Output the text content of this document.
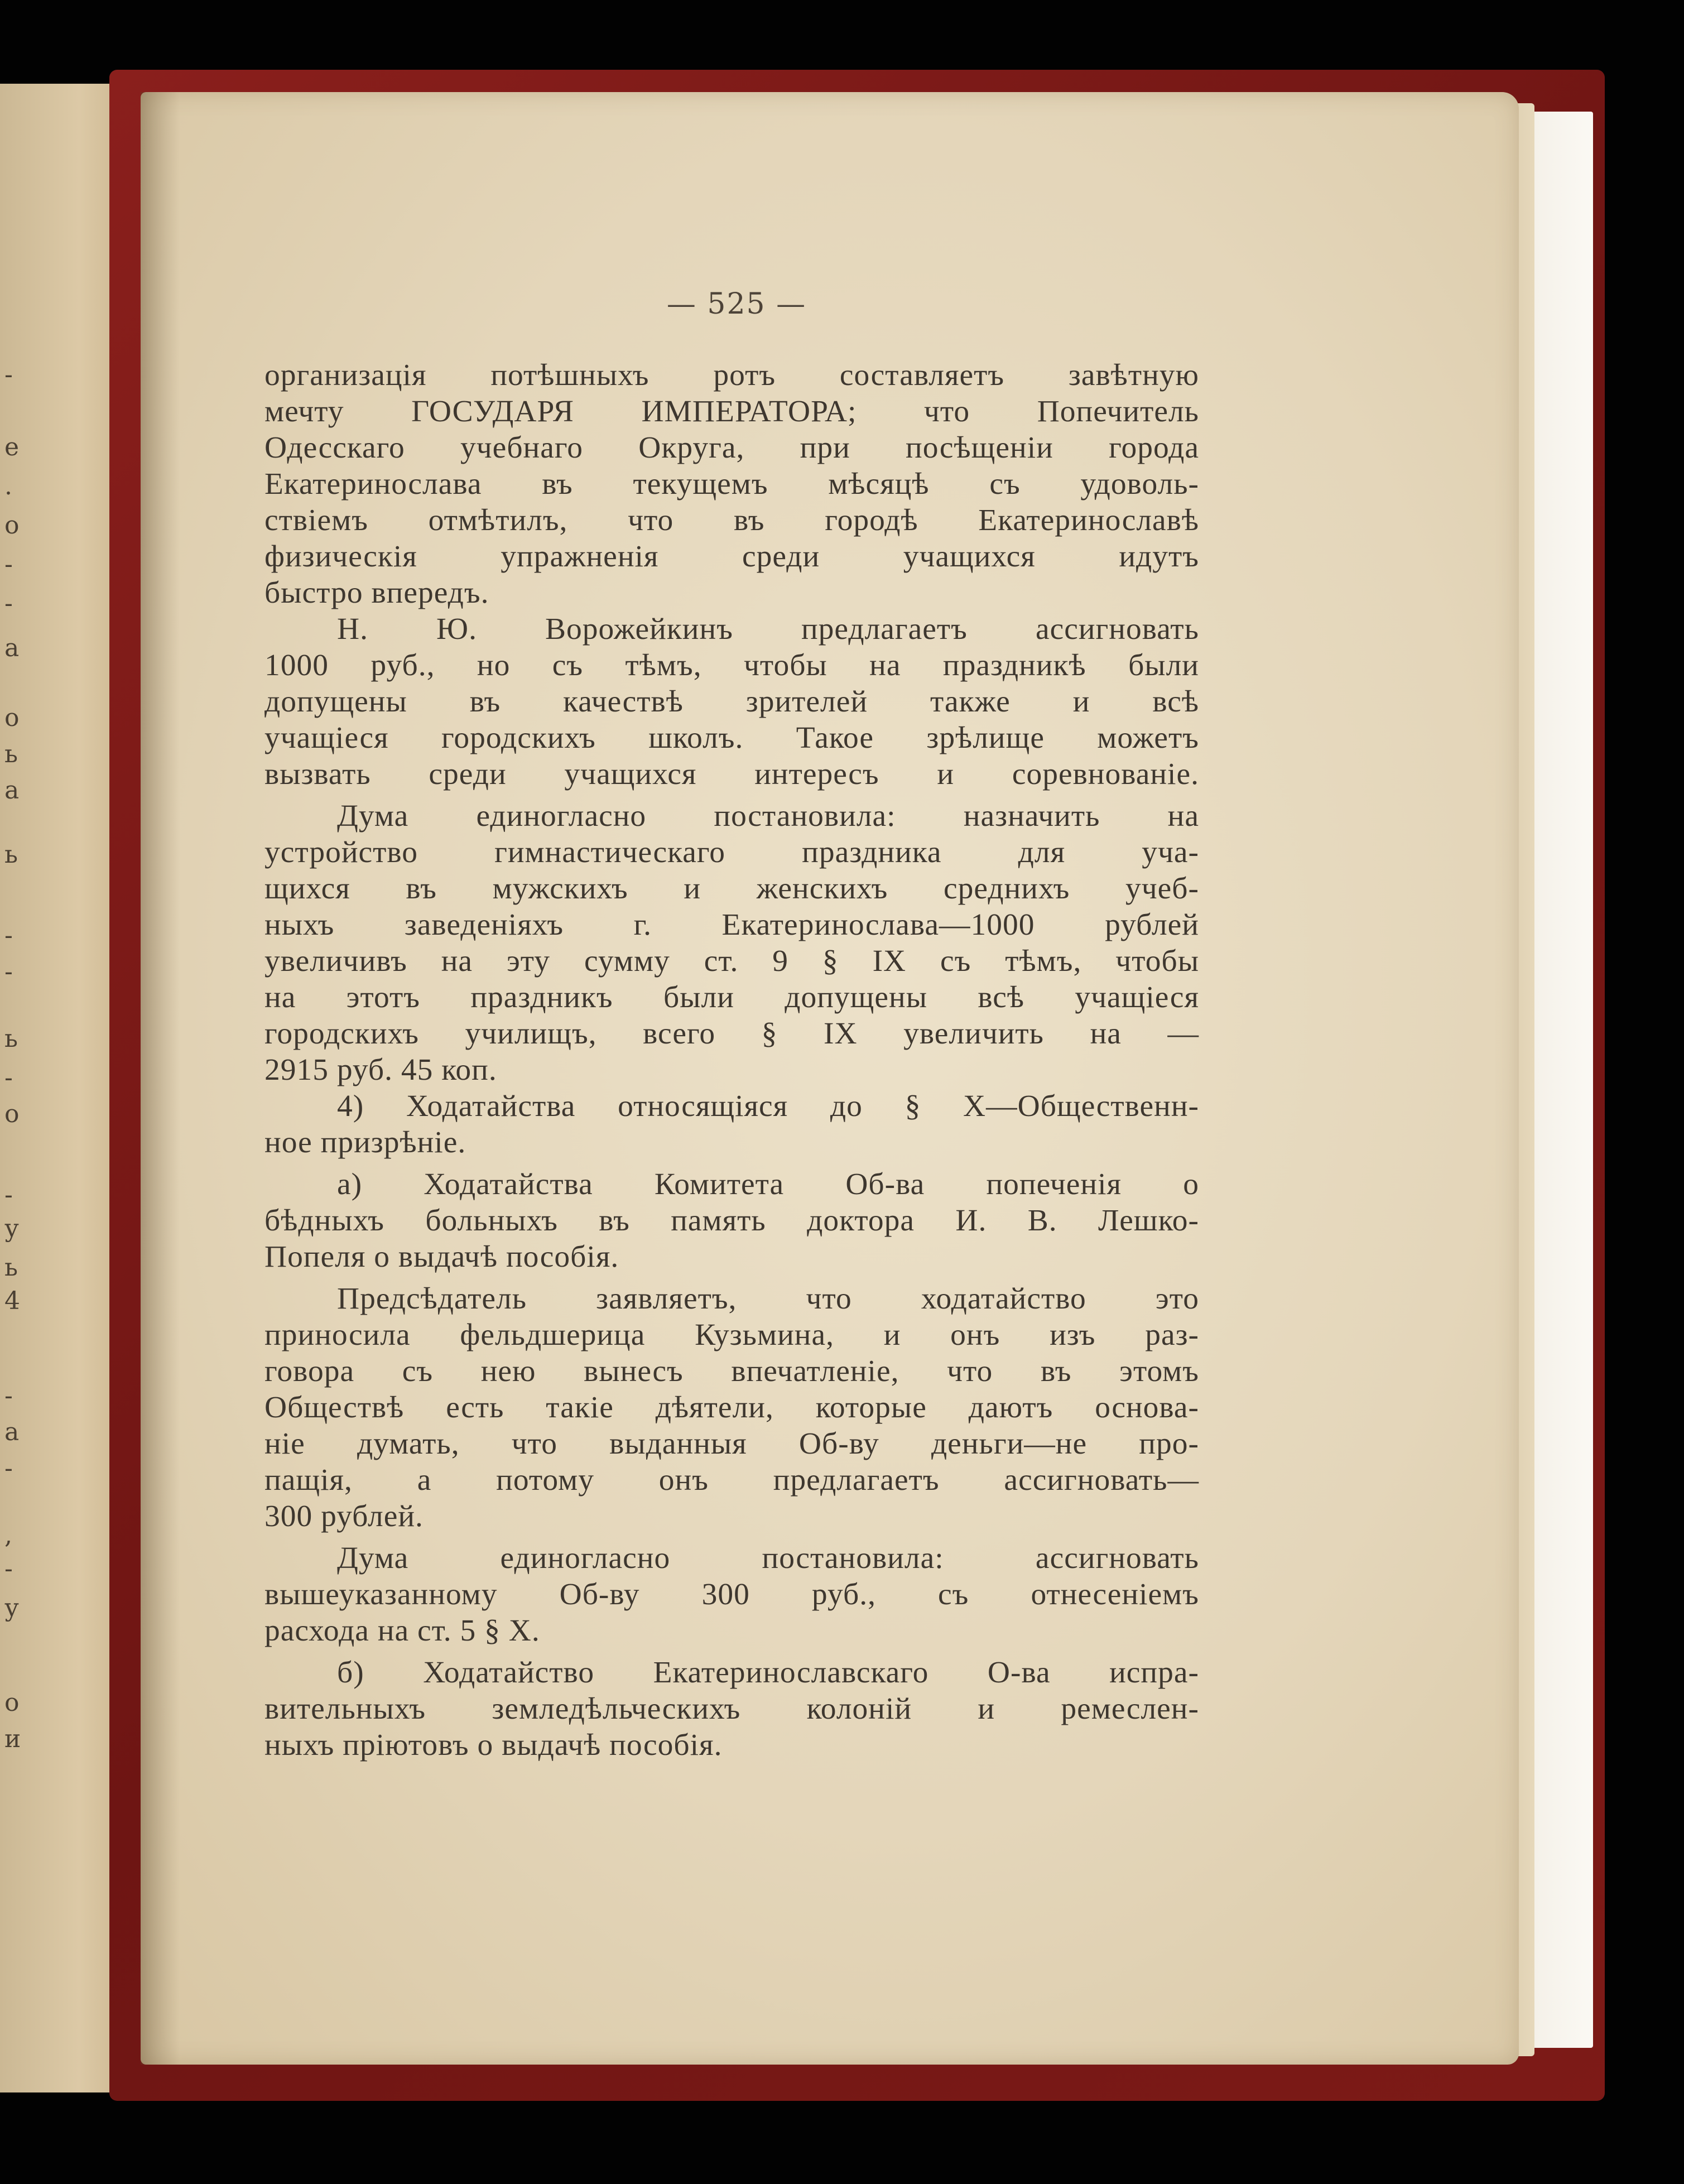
-
е
.
о
-
-
а
о
ь
а
ь
-
-
ь
-
о
-
у
ь
4
-
а
-
,
-
у
о
и
— 525 —
организація потѣшныхъ ротъ составляетъ завѣтную
мечту ГОСУДАРЯ ИМПЕРАТОРА; что Попечитель
Одесскаго учебнаго Округа, при посѣщеніи города
Екатеринослава въ текущемъ мѣсяцѣ съ удоволь-
ствіемъ отмѣтилъ, что въ городѣ Екатеринославѣ
физическія упражненія среди учащихся идутъ
быстро впередъ.
Н. Ю. Ворожейкинъ предлагаетъ ассигновать
1000 руб., но съ тѣмъ, чтобы на праздникѣ были
допущены въ качествѣ зрителей также и всѣ
учащіеся городскихъ школъ. Такое зрѣлище можетъ
вызвать среди учащихся интересъ и соревнованіе.
Дума единогласно постановила: назначить на
устройство гимнастическаго праздника для уча-
щихся въ мужскихъ и женскихъ среднихъ учеб-
ныхъ заведеніяхъ г. Екатеринослава—1000 рублей
увеличивъ на эту сумму ст. 9 § IX съ тѣмъ, чтобы
на этотъ праздникъ были допущены всѣ учащіеся
городскихъ училищъ, всего § IX увеличить на —
2915 руб. 45 коп.
4) Ходатайства относящіяся до § X—Общественн-
ное призрѣніе.
а) Ходатайства Комитета Об-ва попеченія о
бѣдныхъ больныхъ въ память доктора И. В. Лешко-
Попеля о выдачѣ пособія.
Предсѣдатель заявляетъ, что ходатайство это
приносила фельдшерица Кузьмина, и онъ изъ раз-
говора съ нею вынесъ впечатленіе, что въ этомъ
Обществѣ есть такіе дѣятели, которые даютъ основа-
ніе думать, что выданныя Об-ву деньги—не про-
пащія, а потому онъ предлагаетъ ассигновать—
300 рублей.
Дума единогласно постановила: ассигновать
вышеуказанному Об-ву 300 руб., съ отнесеніемъ
расхода на ст. 5 § X.
б) Ходатайство Екатеринославскаго О-ва испра-
вительныхъ земледѣльческихъ колоній и ремеслен-
ныхъ пріютовъ о выдачѣ пособія.
